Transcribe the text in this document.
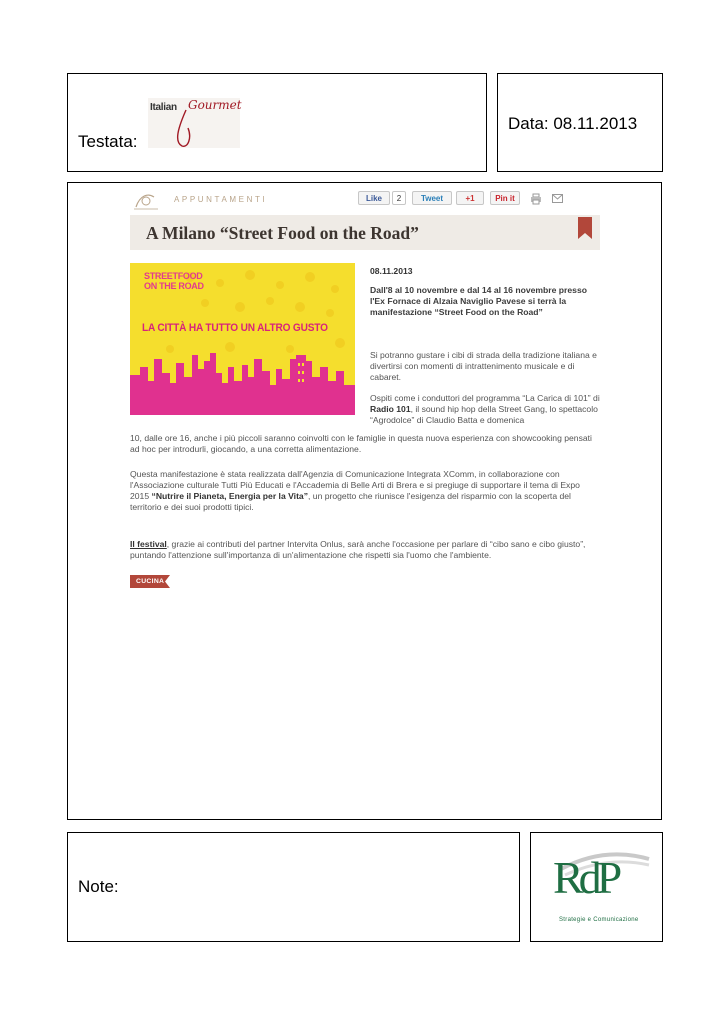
Testata:
Italian Gourmet
Data: 08.11.2013
APPUNTAMENTI	Like	2	Tweet	+1	Pin it
A Milano “Street Food on the Road”
STREETFOOD
ON THE ROAD
LA CITTÀ HA TUTTO UN ALTRO GUSTO
08.11.2013
Dall'8 al 10 novembre e dal 14 al 16 novembre presso l'Ex Fornace di Alzaia Naviglio Pavese si terrà la manifestazione “Street Food on the Road”
Si potranno gustare i cibi di strada della tradizione italiana e divertirsi con momenti di intrattenimento musicale e di cabaret.
Ospiti come i conduttori del programma “La Carica di 101” di Radio 101, il sound hip hop della Street Gang, lo spettacolo “Agrodolce” di Claudio Batta e domenica
10, dalle ore 16, anche i più piccoli saranno coinvolti con le famiglie in questa nuova esperienza con showcooking pensati ad hoc per introdurli, giocando, a una corretta alimentazione.
Questa manifestazione è stata realizzata dall'Agenzia di Comunicazione Integrata XComm, in collaborazione con l'Associazione culturale Tutti Più Educati e l'Accademia di Belle Arti di Brera e si pregiuge di supportare il tema di Expo 2015 “Nutrire il Pianeta, Energia per la Vita”, un progetto che riunisce l'esigenza del risparmio con la scoperta del territorio e dei suoi prodotti tipici.
Il festival, grazie ai contributi del partner Intervita Onlus, sarà anche l'occasione per parlare di “cibo sano e cibo giusto”, puntando l'attenzione sull'importanza di un'alimentazione che rispetti sia l'uomo che l'ambiente.
CUCINA
Note:	RdP
Strategie e Comunicazione
